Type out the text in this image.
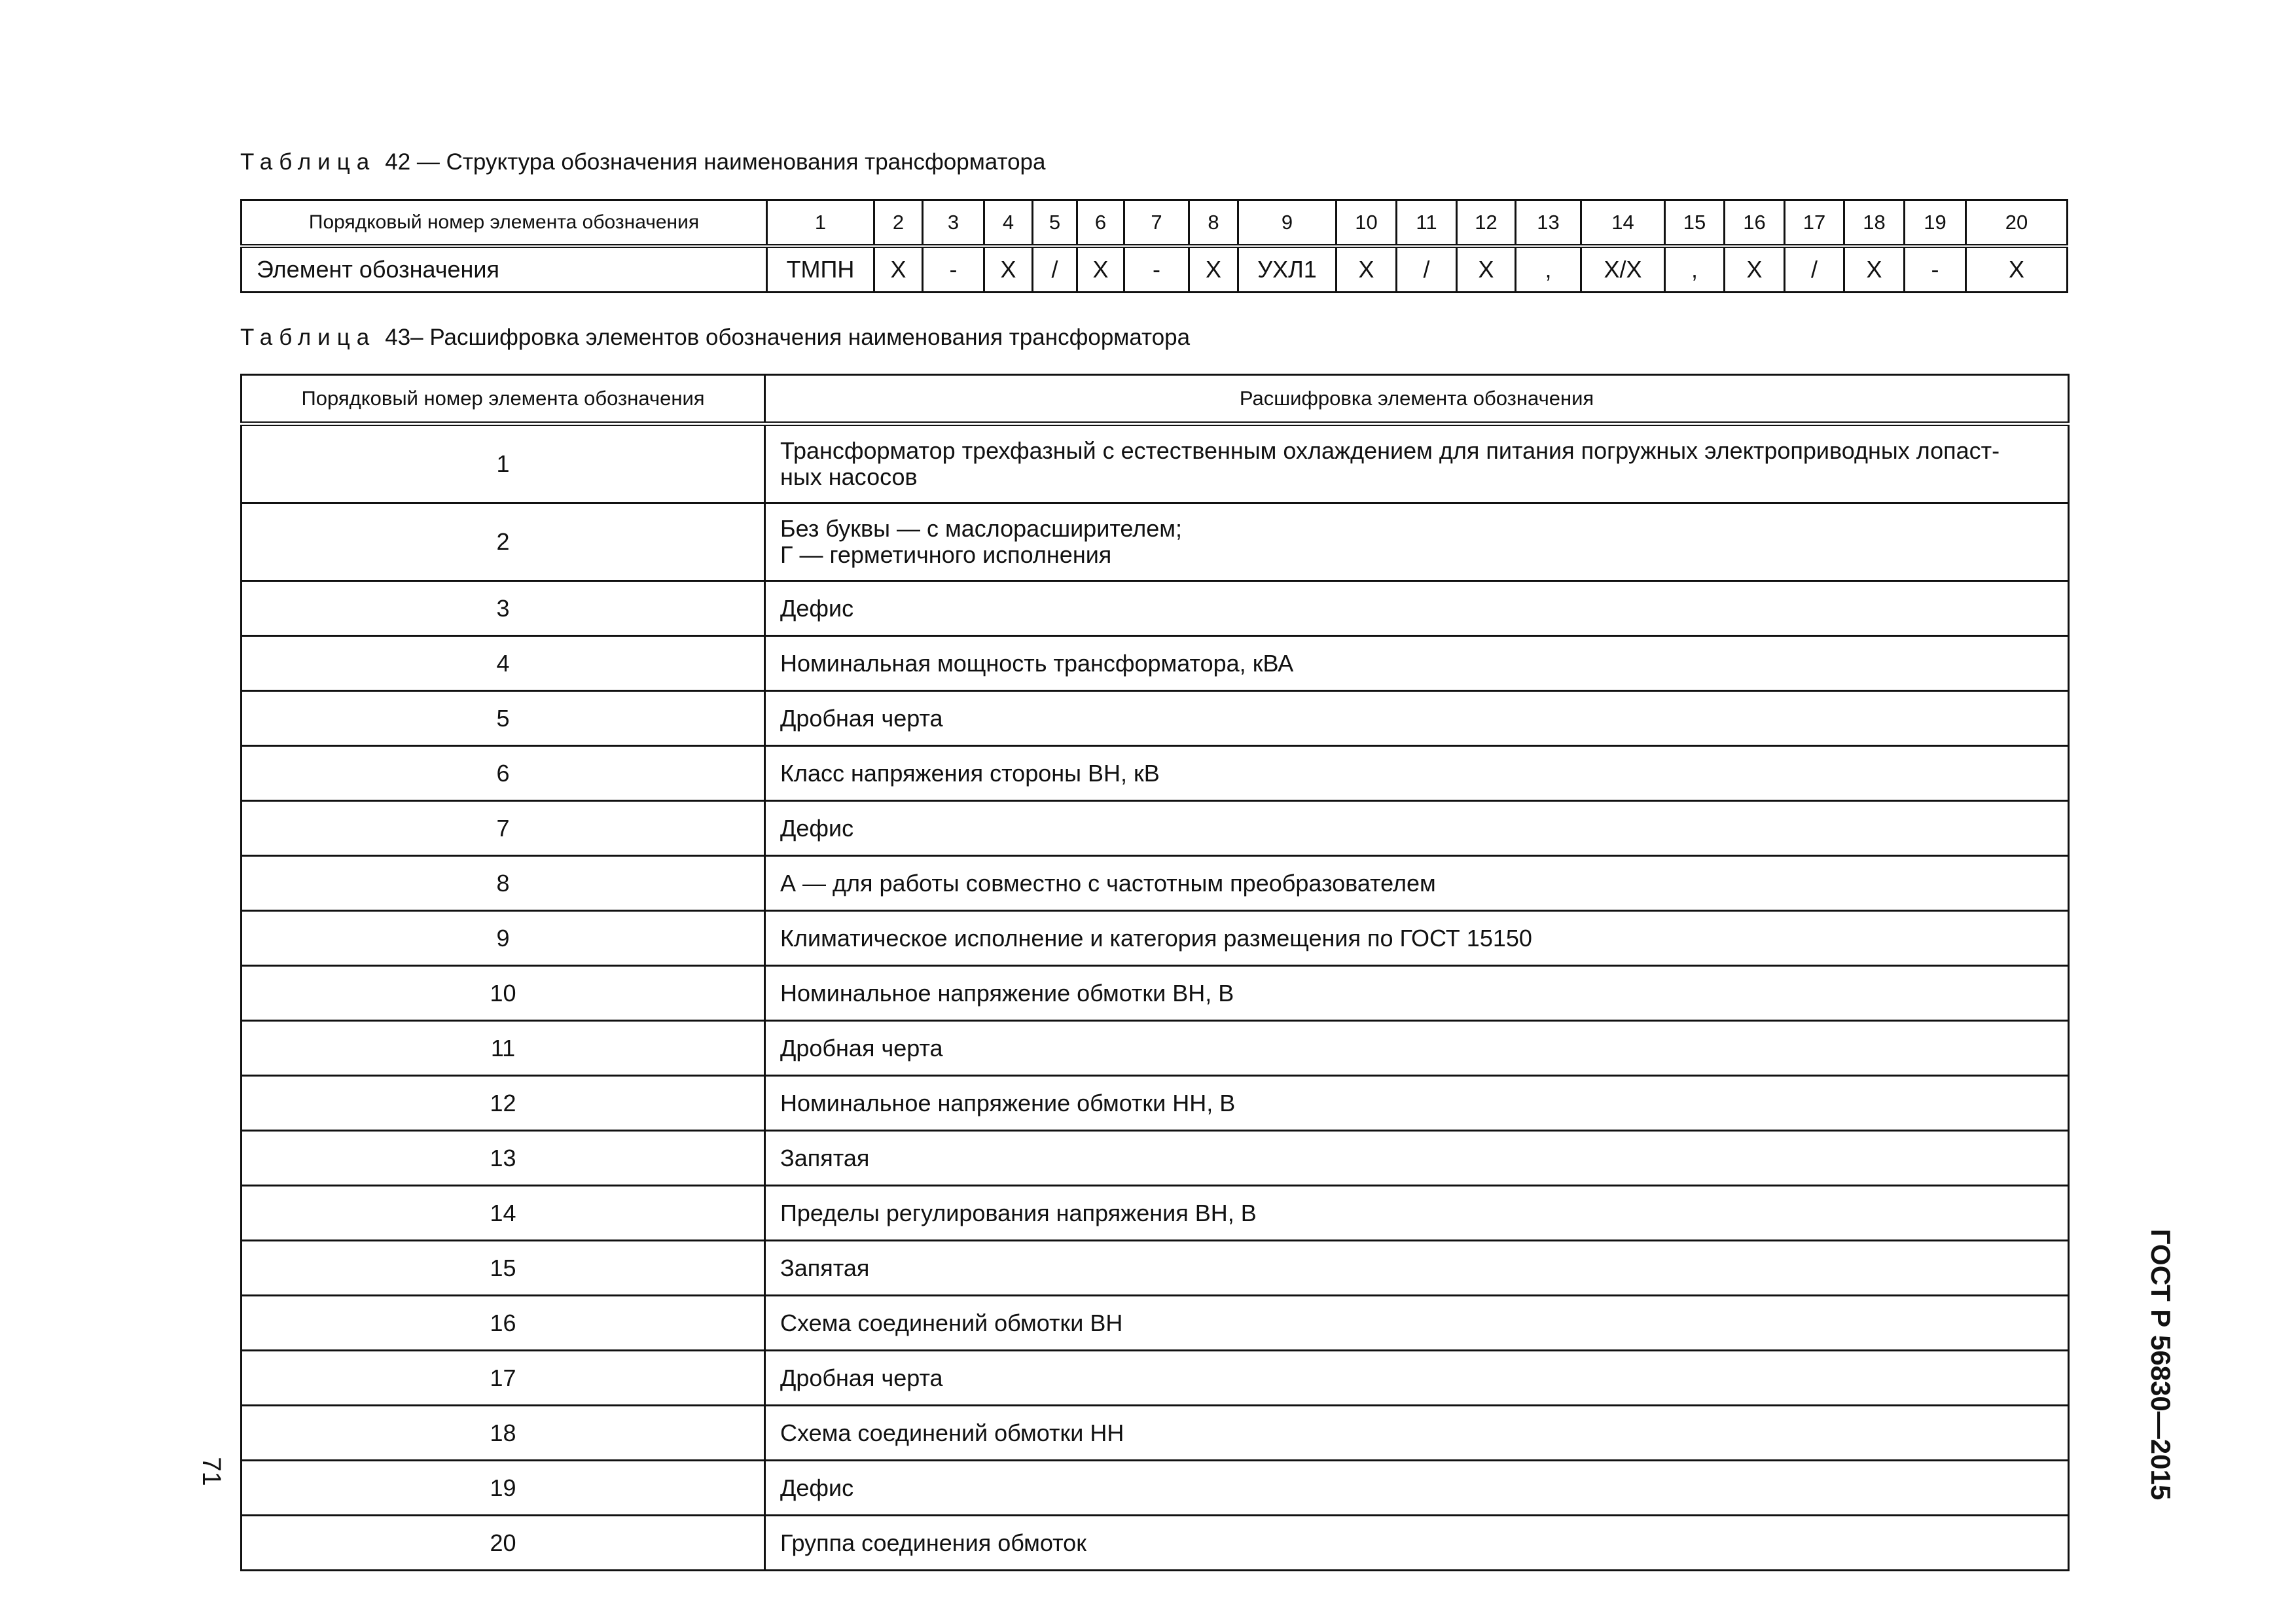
Таблица 42 — Структура обозначения наименования трансформатора
Порядковый номер элемента обозначения	1	2	3	4	5	6	7	8	9	10	11	12	13	14	15	16	17	18	19	20
Элемент обозначения	ТМПН	Х	-	Х	/	Х	-	Х	УХЛ1	Х	/	Х	,	Х/Х	,	Х	/	Х	-	Х
Таблица 43– Расшифровка элементов обозначения наименования трансформатора
Порядковый номер элемента обозначения	Расшифровка элемента обозначения
1	Трансформатор трехфазный с естественным охлаждением для питания погружных электроприводных лопаст-
ных насосов
2	Без буквы — с маслорасширителем;
Г — герметичного исполнения
3	Дефис
4	Номинальная мощность трансформатора, кВА
5	Дробная черта
6	Класс напряжения стороны ВН, кВ
7	Дефис
8	А — для работы совместно с частотным преобразователем
9	Климатическое исполнение и категория размещения по ГОСТ 15150
10	Номинальное напряжение обмотки ВН, В
11	Дробная черта
12	Номинальное напряжение обмотки НН, В
13	Запятая
14	Пределы регулирования напряжения ВН, В
15	Запятая
16	Схема соединений обмотки ВН
17	Дробная черта
18	Схема соединений обмотки НН
19	Дефис
20	Группа соединения обмоток
71	ГОСТ Р 56830—2015
